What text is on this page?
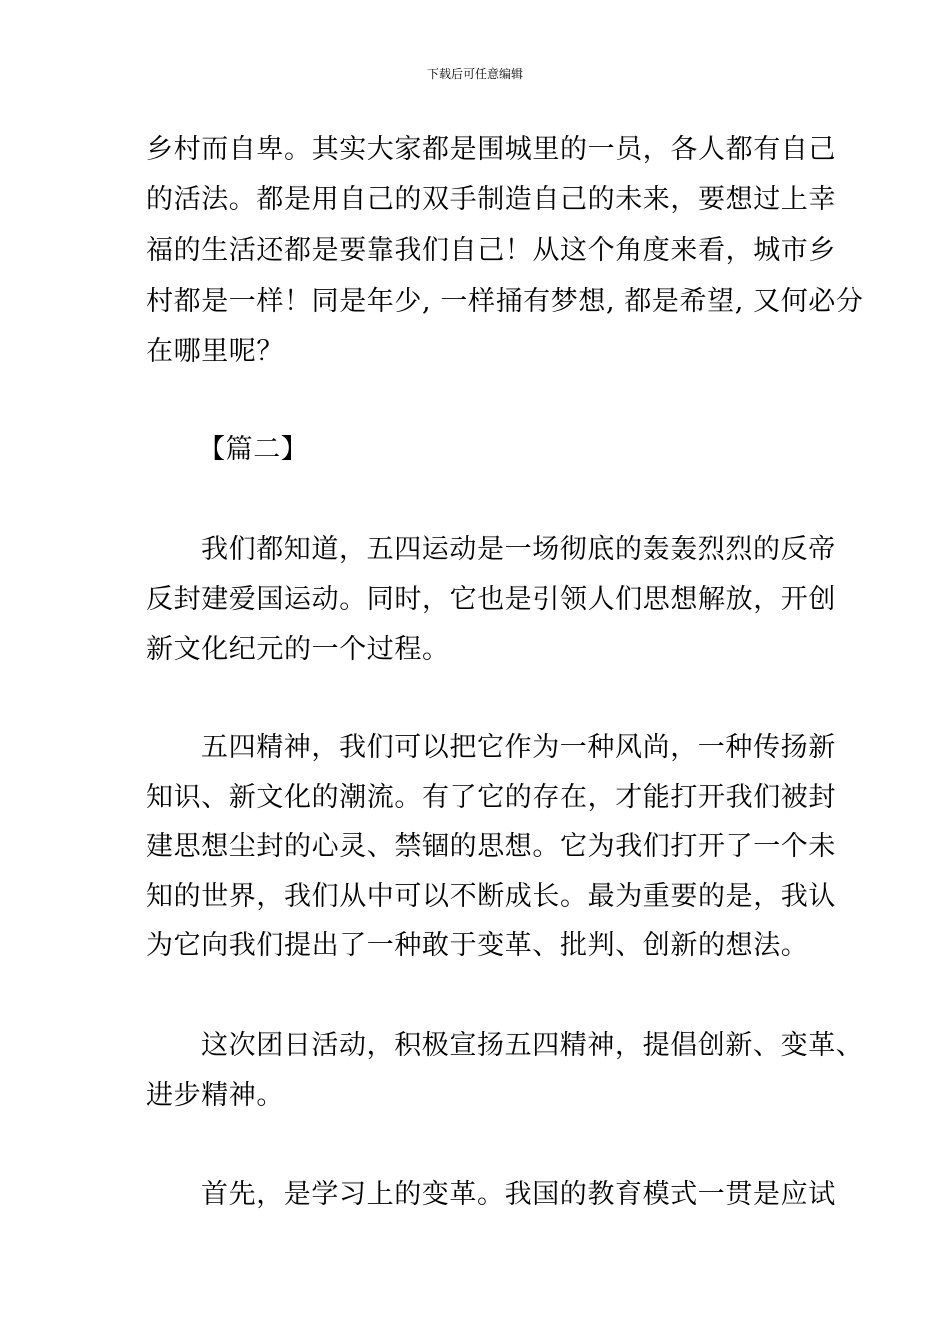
下载后可任意编辑
乡村而自卑。其实大家都是围城里的一员，各人都有自己
的活法。都是用自己的双手制造自己的未来，要想过上幸
福的生活还都是要靠我们自己！从这个角度来看，城市乡
村都是一样！同是年少, 一样捅有梦想, 都是希望, 又何必分
在哪里呢？
【篇二】
我们都知道，五四运动是一场彻底的轰轰烈烈的反帝
反封建爱国运动。同时，它也是引领人们思想解放，开创
新文化纪元的一个过程。
五四精神，我们可以把它作为一种风尚，一种传扬新
知识、新文化的潮流。有了它的存在，才能打开我们被封
建思想尘封的心灵、禁锢的思想。它为我们打开了一个未
知的世界，我们从中可以不断成长。最为重要的是，我认
为它向我们提出了一种敢于变革、批判、创新的想法。
这次团日活动，积极宣扬五四精神，提倡创新、变革、
进步精神。
首先，是学习上的变革。我国的教育模式一贯是应试
